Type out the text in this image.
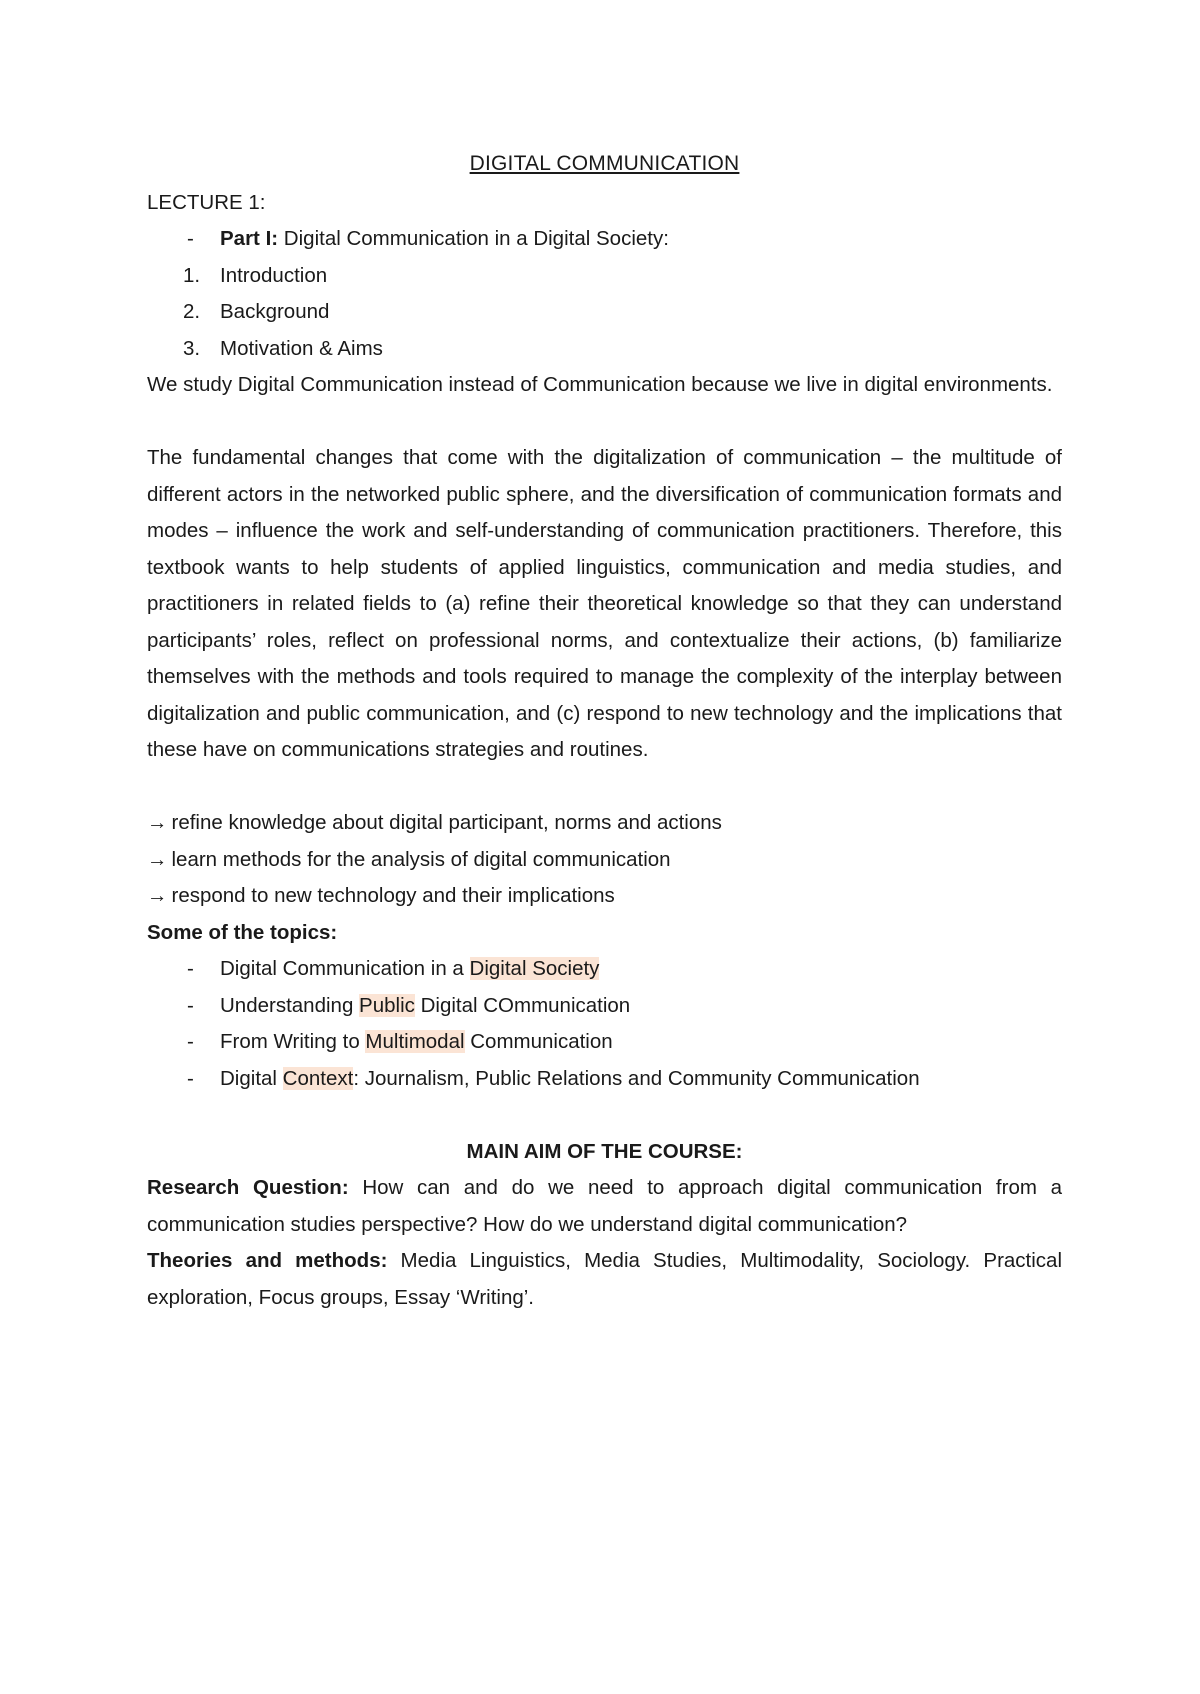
DIGITAL COMMUNICATION

LECTURE 1:

- Part I: Digital Communication in a Digital Society:
1. Introduction
2. Background
3. Motivation & Aims

We study Digital Communication instead of Communication because we live in digital environments.

The fundamental changes that come with the digitalization of communication – the multitude of different actors in the networked public sphere, and the diversification of communication formats and modes – influence the work and self-understanding of communication practitioners. Therefore, this textbook wants to help students of applied linguistics, communication and media studies, and practitioners in related fields to (a) refine their theoretical knowledge so that they can understand participants’ roles, reflect on professional norms, and contextualize their actions, (b) familiarize themselves with the methods and tools required to manage the complexity of the interplay between digitalization and public communication, and (c) respond to new technology and the implications that these have on communications strategies and routines.

→ refine knowledge about digital participant, norms and actions

→ learn methods for the analysis of digital communication

→ respond to new technology and their implications

Some of the topics:

- Digital Communication in a Digital Society
- Understanding Public Digital COmmunication
- From Writing to Multimodal Communication
- Digital Context: Journalism, Public Relations and Community Communication

MAIN AIM OF THE COURSE:

Research Question: How can and do we need to approach digital communication from a communication studies perspective? How do we understand digital communication?

Theories and methods: Media Linguistics, Media Studies, Multimodality, Sociology. Practical exploration, Focus groups, Essay ‘Writing’.
